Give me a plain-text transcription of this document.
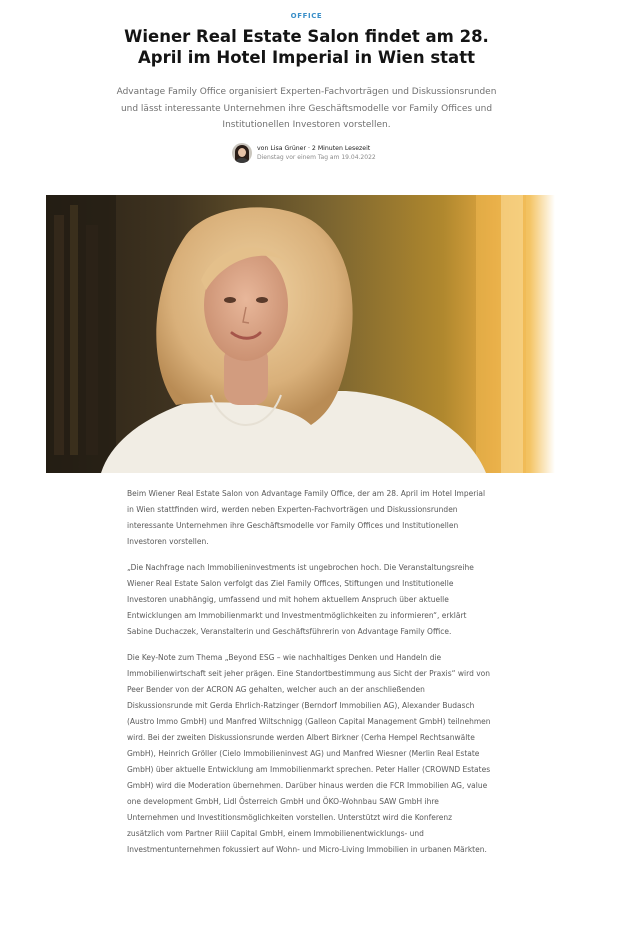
OFFICE
Wiener Real Estate Salon findet am 28. April im Hotel Imperial in Wien statt

Advantage Family Office organisiert Experten-Fachvorträgen und Diskussionsrunden und lässt interessante Unternehmen ihre Geschäftsmodelle vor Family Offices und Institutionellen Investoren vorstellen.

von Lisa Grüner · 2 Minuten Lesezeit
Dienstag vor einem Tag am 19.04.2022

Beim Wiener Real Estate Salon von Advantage Family Office, der am 28. April im Hotel Imperial in Wien stattfinden wird, werden neben Experten-Fachvorträgen und Diskussionsrunden interessante Unternehmen ihre Geschäftsmodelle vor Family Offices und Institutionellen Investoren vorstellen.

„Die Nachfrage nach Immobilieninvestments ist ungebrochen hoch. Die Veranstaltungsreihe Wiener Real Estate Salon verfolgt das Ziel Family Offices, Stiftungen und Institutionelle Investoren unabhängig, umfassend und mit hohem aktuellem Anspruch über aktuelle Entwicklungen am Immobilienmarkt und Investmentmöglichkeiten zu informieren“, erklärt Sabine Duchaczek, Veranstalterin und Geschäftsführerin von Advantage Family Office.

Die Key-Note zum Thema „Beyond ESG – wie nachhaltiges Denken und Handeln die Immobilienwirtschaft seit jeher prägen. Eine Standortbestimmung aus Sicht der Praxis“ wird von Peer Bender von der ACRON AG gehalten, welcher auch an der anschließenden Diskussionsrunde mit Gerda Ehrlich-Ratzinger (Berndorf Immobilien AG), Alexander Budasch (Austro Immo GmbH) und Manfred Wiltschnigg (Galleon Capital Management GmbH) teilnehmen wird. Bei der zweiten Diskussionsrunde werden Albert Birkner (Cerha Hempel Rechtsanwälte GmbH), Heinrich Gröller (Cielo Immobilieninvest AG) und Manfred Wiesner (Merlin Real Estate GmbH) über aktuelle Entwicklung am Immobilienmarkt sprechen. Peter Haller (CROWND Estates GmbH) wird die Moderation übernehmen. Darüber hinaus werden die FCR Immobilien AG, value one development GmbH, Lidl Österreich GmbH und ÖKO-Wohnbau SAW GmbH ihre Unternehmen und Investitionsmöglichkeiten vorstellen. Unterstützt wird die Konferenz zusätzlich vom Partner Riiil Capital GmbH, einem Immobilienentwicklungs- und Investmentunternehmen fokussiert auf Wohn- und Micro-Living Immobilien in urbanen Märkten.
